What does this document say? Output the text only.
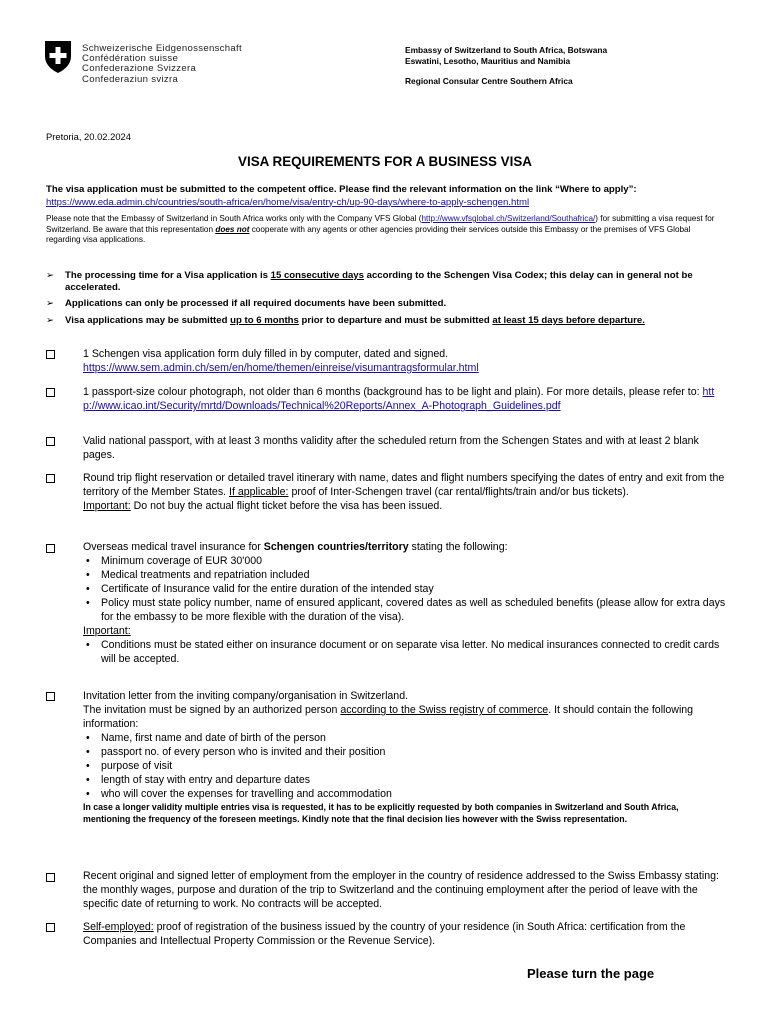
Schweizerische Eidgenossenschaft
Confédération suisse
Confederazione Svizzera
Confederaziun svizra
Embassy of Switzerland to South Africa, Botswana
Eswatini, Lesotho, Mauritius and Namibia
Regional Consular Centre Southern Africa
Pretoria, 20.02.2024
VISA REQUIREMENTS FOR A BUSINESS VISA
The visa application must be submitted to the competent office. Please find the relevant information on the link “Where to apply”: https://www.eda.admin.ch/countries/south-africa/en/home/visa/entry-ch/up-90-days/where-to-apply-schengen.html
Please note that the Embassy of Switzerland in South Africa works only with the Company VFS Global (http://www.vfsglobal.ch/Switzerland/Southafrica/) for submitting a visa request for Switzerland. Be aware that this representation does not cooperate with any agents or other agencies providing their services outside this Embassy or the premises of VFS Global regarding visa applications.
➢ The processing time for a Visa application is 15 consecutive days according to the Schengen Visa Codex; this delay can in general not be accelerated.
➢ Applications can only be processed if all required documents have been submitted.
➢ Visa applications may be submitted up to 6 months prior to departure and must be submitted at least 15 days before departure.
1 Schengen visa application form duly filled in by computer, dated and signed.
https://www.sem.admin.ch/sem/en/home/themen/einreise/visumantragsformular.html
1 passport-size colour photograph, not older than 6 months (background has to be light and plain). For more details, please refer to: http://www.icao.int/Security/mrtd/Downloads/Technical%20Reports/Annex_A-Photograph_Guidelines.pdf
Valid national passport, with at least 3 months validity after the scheduled return from the Schengen States and with at least 2 blank pages.
Round trip flight reservation or detailed travel itinerary with name, dates and flight numbers specifying the dates of entry and exit from the territory of the Member States. If applicable: proof of Inter-Schengen travel (car rental/flights/train and/or bus tickets).
Important: Do not buy the actual flight ticket before the visa has been issued.
Overseas medical travel insurance for Schengen countries/territory stating the following:
• Minimum coverage of EUR 30'000
• Medical treatments and repatriation included
• Certificate of Insurance valid for the entire duration of the intended stay
• Policy must state policy number, name of ensured applicant, covered dates as well as scheduled benefits (please allow for extra days for the embassy to be more flexible with the duration of the visa).
Important:
• Conditions must be stated either on insurance document or on separate visa letter. No medical insurances connected to credit cards will be accepted.
Invitation letter from the inviting company/organisation in Switzerland.
The invitation must be signed by an authorized person according to the Swiss registry of commerce. It should contain the following information:
• Name, first name and date of birth of the person
• passport no. of every person who is invited and their position
• purpose of visit
• length of stay with entry and departure dates
• who will cover the expenses for travelling and accommodation
In case a longer validity multiple entries visa is requested, it has to be explicitly requested by both companies in Switzerland and South Africa, mentioning the frequency of the foreseen meetings. Kindly note that the final decision lies however with the Swiss representation.
Recent original and signed letter of employment from the employer in the country of residence addressed to the Swiss Embassy stating: the monthly wages, purpose and duration of the trip to Switzerland and the continuing employment after the period of leave with the specific date of returning to work. No contracts will be accepted.
Self-employed: proof of registration of the business issued by the country of your residence (in South Africa: certification from the Companies and Intellectual Property Commission or the Revenue Service).
Please turn the page
